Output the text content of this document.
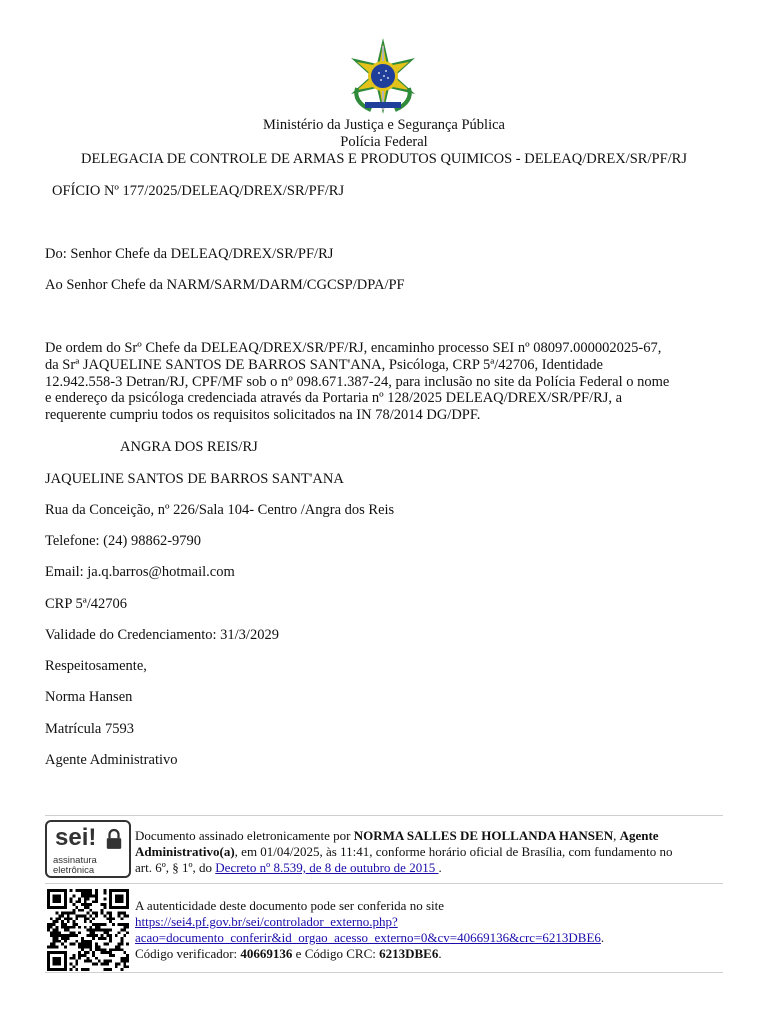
Ministério da Justiça e Segurança Pública
Polícia Federal
DELEGACIA DE CONTROLE DE ARMAS E PRODUTOS QUIMICOS - DELEAQ/DREX/SR/PF/RJ
OFÍCIO Nº 177/2025/DELEAQ/DREX/SR/PF/RJ
Do: Senhor Chefe da DELEAQ/DREX/SR/PF/RJ
Ao Senhor Chefe da NARM/SARM/DARM/CGCSP/DPA/PF
De ordem do Srº Chefe da DELEAQ/DREX/SR/PF/RJ, encaminho processo SEI nº 08097.000002025-67,
da Srª JAQUELINE SANTOS DE BARROS SANT'ANA, Psicóloga, CRP 5ª/42706, Identidade
12.942.558-3 Detran/RJ, CPF/MF sob o nº 098.671.387-24, para inclusão no site da Polícia Federal o nome
e endereço da psicóloga credenciada através da Portaria nº 128/2025 DELEAQ/DREX/SR/PF/RJ, a
requerente cumpriu todos os requisitos solicitados na IN 78/2014 DG/DPF.
ANGRA DOS REIS/RJ
JAQUELINE SANTOS DE BARROS SANT'ANA
Rua da Conceição, nº 226/Sala 104- Centro /Angra dos Reis
Telefone: (24) 98862-9790
Email: ja.q.barros@hotmail.com
CRP 5ª/42706
Validade do Credenciamento: 31/3/2029
Respeitosamente,
Norma Hansen
Matrícula 7593
Agente Administrativo
sei!
assinatura
eletrônica
Documento assinado eletronicamente por NORMA SALLES DE HOLLANDA HANSEN, Agente
Administrativo(a), em 01/04/2025, às 11:41, conforme horário oficial de Brasília, com fundamento no
art. 6º, § 1º, do Decreto nº 8.539, de 8 de outubro de 2015 .
A autenticidade deste documento pode ser conferida no site
https://sei4.pf.gov.br/sei/controlador_externo.php?
acao=documento_conferir&id_orgao_acesso_externo=0&cv=40669136&crc=6213DBE6.
Código verificador: 40669136 e Código CRC: 6213DBE6.
